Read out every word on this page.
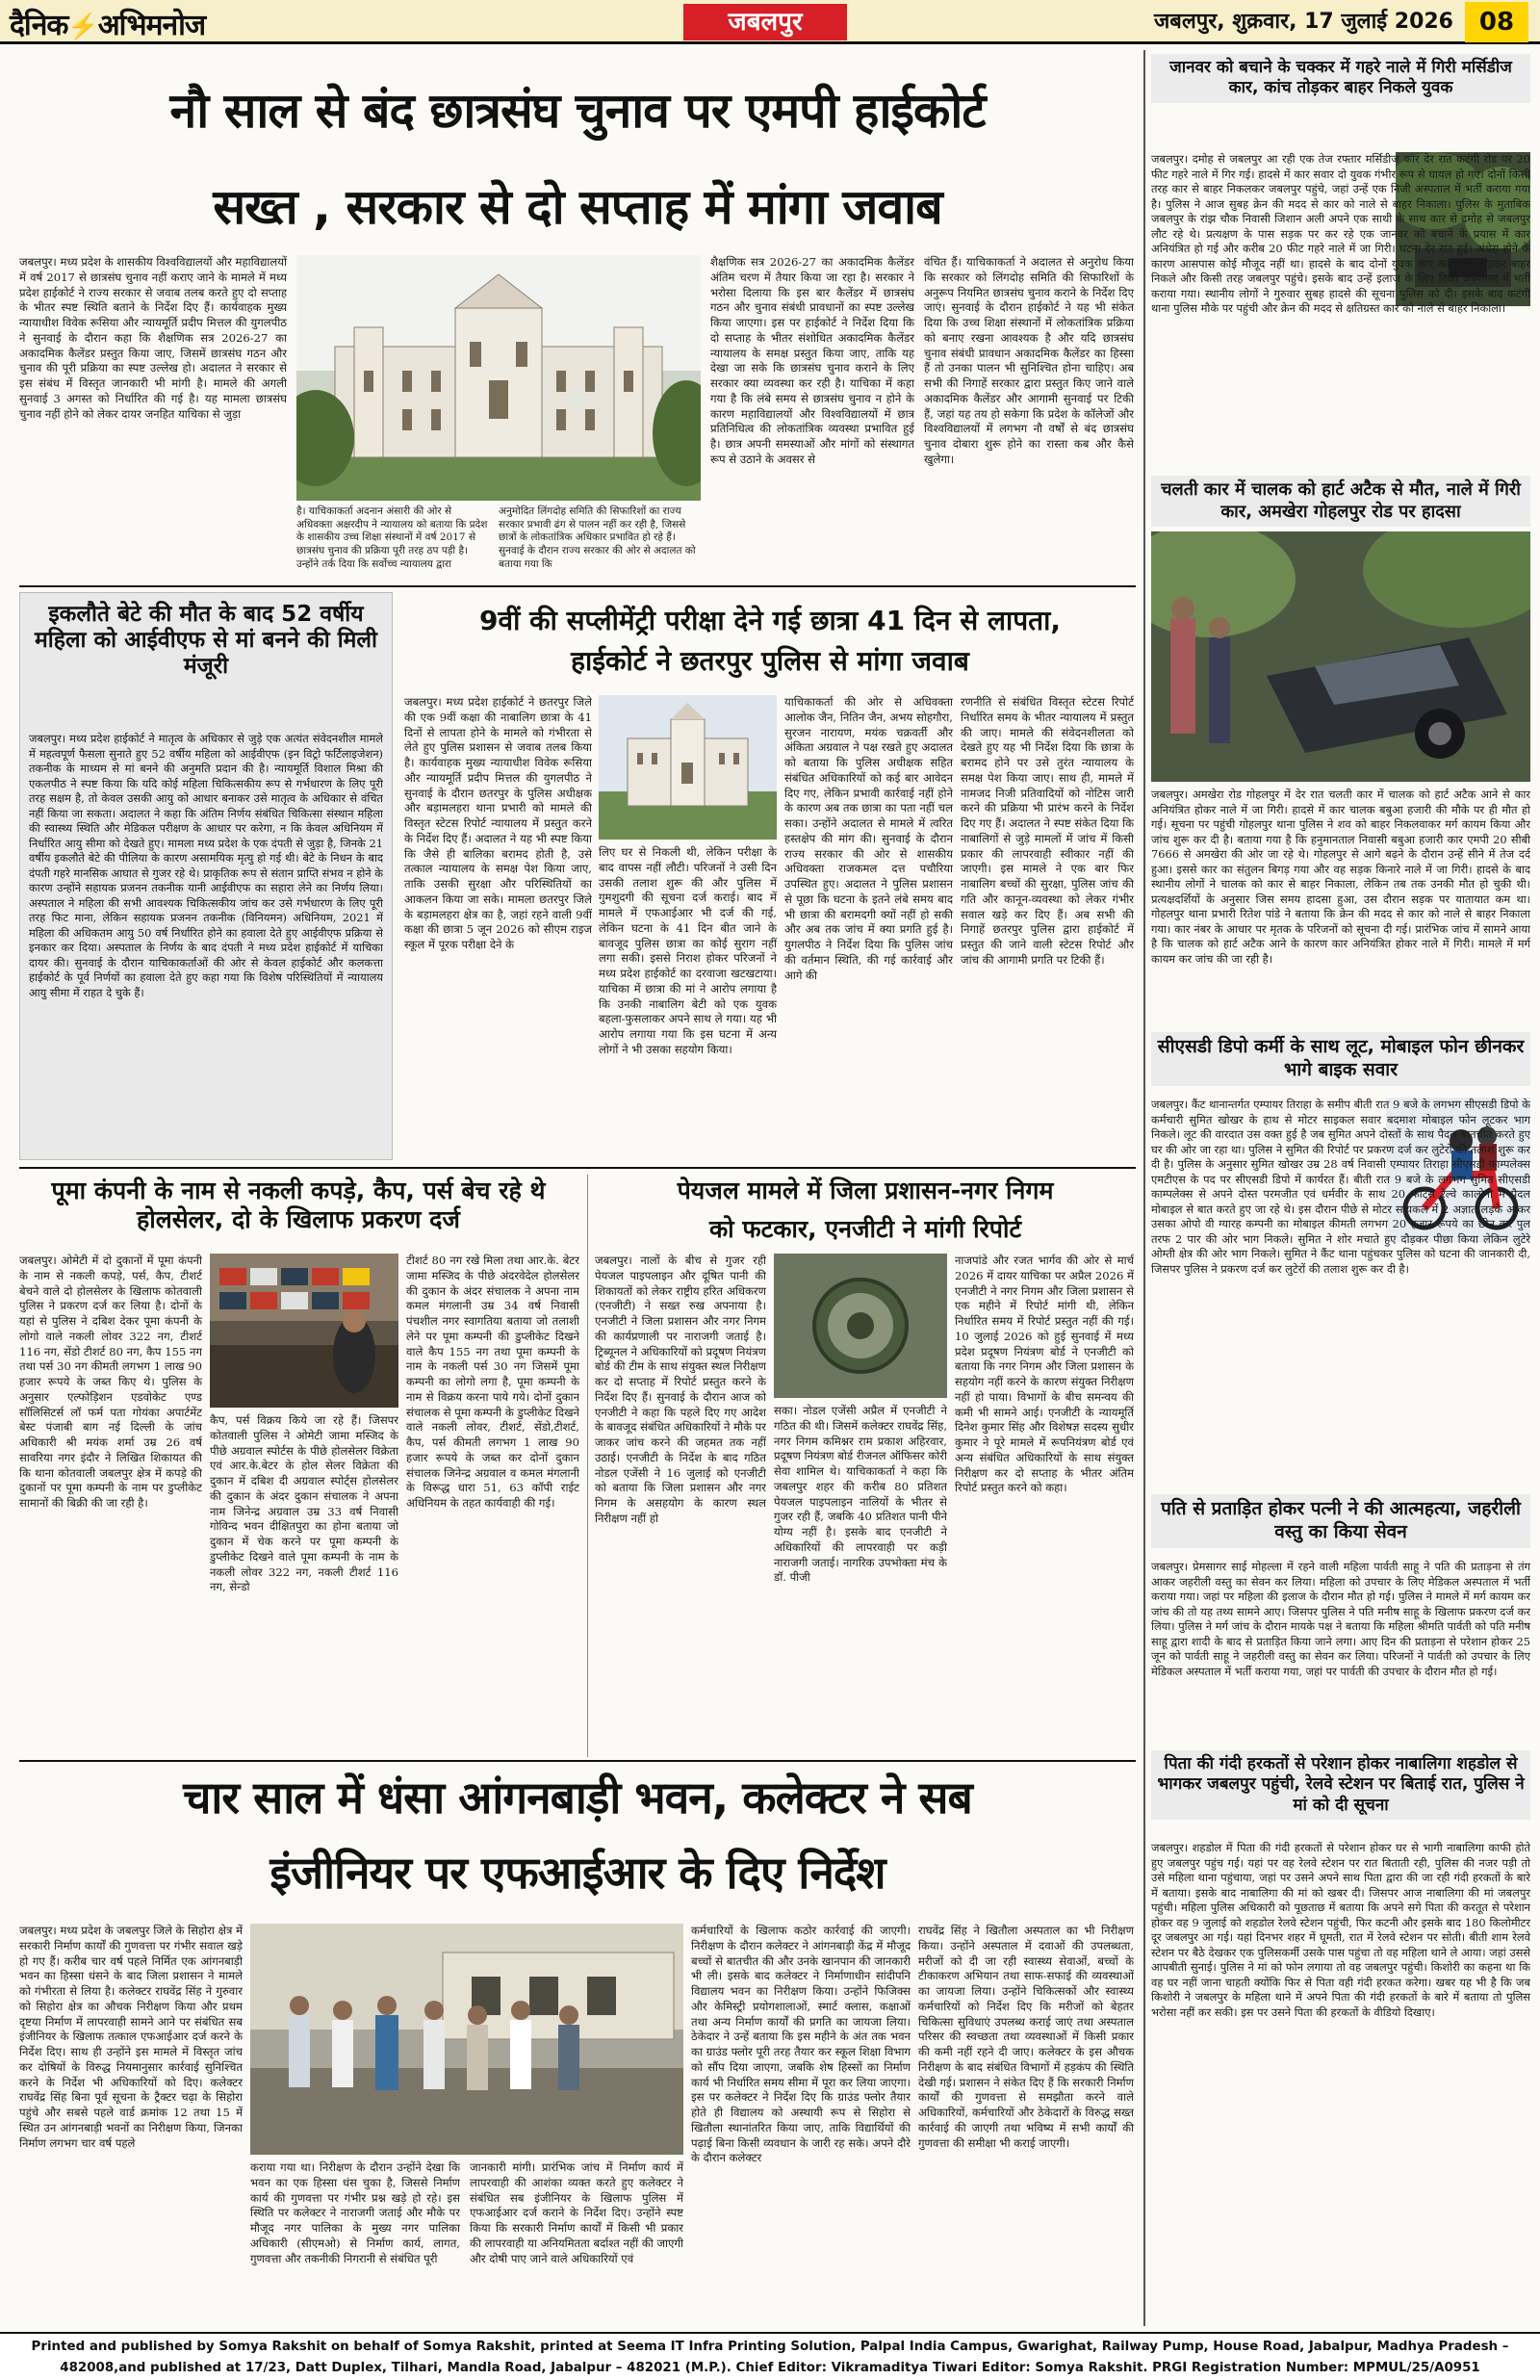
दैनिक⚡अभिमनोज	जबलपुर	जबलपुर, शुक्रवार, 17 जुलाई 2026	08
नौ साल से बंद छात्रसंघ चुनाव पर एमपी हाईकोर्ट
सख्त , सरकार से दो सप्ताह में मांगा जवाब
जबलपुर। मध्य प्रदेश के शासकीय विश्वविद्यालयों और महाविद्यालयों में वर्ष 2017 से छात्रसंघ चुनाव नहीं कराए जाने के मामले में मध्य प्रदेश हाईकोर्ट ने राज्य सरकार से जवाब तलब करते हुए दो सप्ताह के भीतर स्पष्ट स्थिति बताने के निर्देश दिए हैं। कार्यवाहक मुख्य न्यायाधीश विवेक रूसिया और न्यायमूर्ति प्रदीप मित्तल की युगलपीठ ने सुनवाई के दौरान कहा कि शैक्षणिक सत्र 2026-27 का अकादमिक कैलेंडर प्रस्तुत किया जाए, जिसमें छात्रसंघ गठन और चुनाव की पूरी प्रक्रिया का स्पष्ट उल्लेख हो। अदालत ने सरकार से इस संबंध में विस्तृत जानकारी भी मांगी है। मामले की अगली सुनवाई 3 अगस्त को निर्धारित की गई है। यह मामला छात्रसंघ चुनाव नहीं होने को लेकर दायर जनहित याचिका से जुड़ा
है। याचिकाकर्ता अदनान अंसारी की ओर से अधिवक्ता अक्षरदीप ने न्यायालय को बताया कि प्रदेश के शासकीय उच्च शिक्षा संस्थानों में वर्ष 2017 से छात्रसंघ चुनाव की प्रक्रिया पूरी तरह ठप पड़ी है। उन्होंने तर्क दिया कि सर्वोच्च न्यायालय द्वारा
अनुमोदित लिंगदोह समिति की सिफारिशों का राज्य सरकार प्रभावी ढंग से पालन नहीं कर रही है, जिससे छात्रों के लोकतांत्रिक अधिकार प्रभावित हो रहे हैं। सुनवाई के दौरान राज्य सरकार की ओर से अदालत को बताया गया कि
शैक्षणिक सत्र 2026-27 का अकादमिक कैलेंडर अंतिम चरण में तैयार किया जा रहा है। सरकार ने भरोसा दिलाया कि इस बार कैलेंडर में छात्रसंघ गठन और चुनाव संबंधी प्रावधानों का स्पष्ट उल्लेख किया जाएगा। इस पर हाईकोर्ट ने निर्देश दिया कि दो सप्ताह के भीतर संशोधित अकादमिक कैलेंडर न्यायालय के समक्ष प्रस्तुत किया जाए, ताकि यह देखा जा सके कि छात्रसंघ चुनाव कराने के लिए सरकार क्या व्यवस्था कर रही है। याचिका में कहा गया है कि लंबे समय से छात्रसंघ चुनाव न होने के कारण महाविद्यालयों और विश्वविद्यालयों में छात्र प्रतिनिधित्व की लोकतांत्रिक व्यवस्था प्रभावित हुई है। छात्र अपनी समस्याओं और मांगों को संस्थागत रूप से उठाने के अवसर से
वंचित हैं। याचिकाकर्ता ने अदालत से अनुरोध किया कि सरकार को लिंगदोह समिति की सिफारिशों के अनुरूप नियमित छात्रसंघ चुनाव कराने के निर्देश दिए जाएं। सुनवाई के दौरान हाईकोर्ट ने यह भी संकेत दिया कि उच्च शिक्षा संस्थानों में लोकतांत्रिक प्रक्रिया को बनाए रखना आवश्यक है और यदि छात्रसंघ चुनाव संबंधी प्रावधान अकादमिक कैलेंडर का हिस्सा हैं तो उनका पालन भी सुनिश्चित होना चाहिए। अब सभी की निगाहें सरकार द्वारा प्रस्तुत किए जाने वाले अकादमिक कैलेंडर और आगामी सुनवाई पर टिकी हैं, जहां यह तय हो सकेगा कि प्रदेश के कॉलेजों और विश्वविद्यालयों में लगभग नौ वर्षों से बंद छात्रसंघ चुनाव दोबारा शुरू होने का रास्ता कब और कैसे खुलेगा।
इकलौते बेटे की मौत के बाद 52 वर्षीय महिला को आईवीएफ से मां बनने की मिली मंजूरी
जबलपुर। मध्य प्रदेश हाईकोर्ट ने मातृत्व के अधिकार से जुड़े एक अत्यंत संवेदनशील मामले में महत्वपूर्ण फैसला सुनाते हुए 52 वर्षीय महिला को आईवीएफ (इन विट्रो फर्टिलाइजेशन) तकनीक के माध्यम से मां बनने की अनुमति प्रदान की है। न्यायमूर्ति विशाल मिश्रा की एकलपीठ ने स्पष्ट किया कि यदि कोई महिला चिकित्सकीय रूप से गर्भधारण के लिए पूरी तरह सक्षम है, तो केवल उसकी आयु को आधार बनाकर उसे मातृत्व के अधिकार से वंचित नहीं किया जा सकता। अदालत ने कहा कि अंतिम निर्णय संबंधित चिकित्सा संस्थान महिला की स्वास्थ्य स्थिति और मेडिकल परीक्षण के आधार पर करेगा, न कि केवल अधिनियम में निर्धारित आयु सीमा को देखते हुए। मामला मध्य प्रदेश के एक दंपती से जुड़ा है, जिनके 21 वर्षीय इकलौते बेटे की पीलिया के कारण असामयिक मृत्यु हो गई थी। बेटे के निधन के बाद दंपती गहरे मानसिक आघात से गुजर रहे थे। प्राकृतिक रूप से संतान प्राप्ति संभव न होने के कारण उन्होंने सहायक प्रजनन तकनीक यानी आईवीएफ का सहारा लेने का निर्णय लिया। अस्पताल ने महिला की सभी आवश्यक चिकित्सकीय जांच कर उसे गर्भधारण के लिए पूरी तरह फिट माना, लेकिन सहायक प्रजनन तकनीक (विनियमन) अधिनियम, 2021 में महिला की अधिकतम आयु 50 वर्ष निर्धारित होने का हवाला देते हुए आईवीएफ प्रक्रिया से इनकार कर दिया। अस्पताल के निर्णय के बाद दंपती ने मध्य प्रदेश हाईकोर्ट में याचिका दायर की। सुनवाई के दौरान याचिकाकर्ताओं की ओर से केवल हाईकोर्ट और कलकत्ता हाईकोर्ट के पूर्व निर्णयों का हवाला देते हुए कहा गया कि विशेष परिस्थितियों में न्यायालय आयु सीमा में राहत दे चुके हैं।
9वीं की सप्लीमेंट्री परीक्षा देने गई छात्रा 41 दिन से लापता,
हाईकोर्ट ने छतरपुर पुलिस से मांगा जवाब
जबलपुर। मध्य प्रदेश हाईकोर्ट ने छतरपुर जिले की एक 9वीं कक्षा की नाबालिग छात्रा के 41 दिनों से लापता होने के मामले को गंभीरता से लेते हुए पुलिस प्रशासन से जवाब तलब किया है। कार्यवाहक मुख्य न्यायाधीश विवेक रूसिया और न्यायमूर्ति प्रदीप मित्तल की युगलपीठ ने सुनवाई के दौरान छतरपुर के पुलिस अधीक्षक और बड़ामलहरा थाना प्रभारी को मामले की विस्तृत स्टेटस रिपोर्ट न्यायालय में प्रस्तुत करने के निर्देश दिए हैं। अदालत ने यह भी स्पष्ट किया कि जैसे ही बालिका बरामद होती है, उसे तत्काल न्यायालय के समक्ष पेश किया जाए, ताकि उसकी सुरक्षा और परिस्थितियों का आकलन किया जा सके। मामला छतरपुर जिले के बड़ामलहरा क्षेत्र का है, जहां रहने वाली 9वीं कक्षा की छात्रा 5 जून 2026 को सीएम राइज स्कूल में पूरक परीक्षा देने के
लिए घर से निकली थी, लेकिन परीक्षा के बाद वापस नहीं लौटी। परिजनों ने उसी दिन उसकी तलाश शुरू की और पुलिस में गुमशुदगी की सूचना दर्ज कराई। बाद में मामले में एफआईआर भी दर्ज की गई, लेकिन घटना के 41 दिन बीत जाने के बावजूद पुलिस छात्रा का कोई सुराग नहीं लगा सकी। इससे निराश होकर परिजनों ने मध्य प्रदेश हाईकोर्ट का दरवाजा खटखटाया। याचिका में छात्रा की मां ने आरोप लगाया है कि उनकी नाबालिग बेटी को एक युवक बहला-फुसलाकर अपने साथ ले गया। यह भी आरोप लगाया गया कि इस घटना में अन्य लोगों ने भी उसका सहयोग किया।
याचिकाकर्ता की ओर से अधिवक्ता आलोक जैन, नितिन जैन, अभय सोहगौरा, सुरजन नारायण, मयंक चक्रवर्ती और अंकिता अग्रवाल ने पक्ष रखते हुए अदालत को बताया कि पुलिस अधीक्षक सहित संबंधित अधिकारियों को कई बार आवेदन दिए गए, लेकिन प्रभावी कार्रवाई नहीं होने के कारण अब तक छात्रा का पता नहीं चल सका। उन्होंने अदालत से मामले में त्वरित हस्तक्षेप की मांग की। सुनवाई के दौरान राज्य सरकार की ओर से शासकीय अधिवक्ता राजकमल दत्त पचौरिया उपस्थित हुए। अदालत ने पुलिस प्रशासन से पूछा कि घटना के इतने लंबे समय बाद भी छात्रा की बरामदगी क्यों नहीं हो सकी और अब तक जांच में क्या प्रगति हुई है। युगलपीठ ने निर्देश दिया कि पुलिस जांच की वर्तमान स्थिति, की गई कार्रवाई और आगे की
रणनीति से संबंधित विस्तृत स्टेटस रिपोर्ट निर्धारित समय के भीतर न्यायालय में प्रस्तुत की जाए। मामले की संवेदनशीलता को देखते हुए यह भी निर्देश दिया कि छात्रा के बरामद होने पर उसे तुरंत न्यायालय के समक्ष पेश किया जाए। साथ ही, मामले में नामजद निजी प्रतिवादियों को नोटिस जारी करने की प्रक्रिया भी प्रारंभ करने के निर्देश दिए गए हैं। अदालत ने स्पष्ट संकेत दिया कि नाबालिगों से जुड़े मामलों में जांच में किसी प्रकार की लापरवाही स्वीकार नहीं की जाएगी। इस मामले ने एक बार फिर नाबालिग बच्चों की सुरक्षा, पुलिस जांच की गति और कानून-व्यवस्था को लेकर गंभीर सवाल खड़े कर दिए हैं। अब सभी की निगाहें छतरपुर पुलिस द्वारा हाईकोर्ट में प्रस्तुत की जाने वाली स्टेटस रिपोर्ट और जांच की आगामी प्रगति पर टिकी हैं।
पूमा कंपनी के नाम से नकली कपड़े, कैप, पर्स बेच रहे थे होलसेलर, दो के खिलाफ प्रकरण दर्ज
जबलपुर। ओमेटी में दो दुकानों में पूमा कंपनी के नाम से नकली कपड़े, पर्स, कैप, टीशर्ट बेचने वाले दो होलसेलर के खिलाफ कोतवाली पुलिस ने प्रकरण दर्ज कर लिया है। दोनों के यहां से पुलिस ने दबिश देकर पूमा कंपनी के लोगो वाले नकली लोवर 322 नग, टीशर्ट 116 नग, सेंडो टीशर्ट 80 नग, कैप 155 नग तथा पर्स 30 नग कीमती लगभग 1 लाख 90 हजार रूपये के जब्त किए थे। पुलिस के अनुसार एल्फोड़िशन एडवोकेट एण्ड सॉलिसिटर्स लॉ फर्म पता गोयंका अपार्टमेंट बेस्ट पंजाबी बाग नई दिल्ली के जांच अधिकारी श्री मयंक शर्मा उम्र 26 वर्ष सावरिया नगर इंदौर ने लिखित शिकायत की कि थाना कोतवाली जबलपुर क्षेत्र में कपड़े की दुकानों पर पूमा कम्पनी के नाम पर डुप्लीकेट सामानों की बिक्री की जा रही है।
कैप, पर्स विक्रय किये जा रहे हैं। जिसपर कोतवाली पुलिस ने ओमेटी जामा मस्जिद के पीछे अग्रवाल स्पोर्टस के पीछे होलसेलर विक्रेता एवं आर.के.बेटर के होल सेलर विक्रेता की दुकान में दबिश दी अग्रवाल स्पोर्ट्स होलसेलर की दुकान के अंदर दुकान संचालक ने अपना नाम जिनेन्द्र अग्रवाल उम्र 33 वर्ष निवासी गोविन्द भवन दीक्षितपुरा का होना बताया जो दुकान में चेक करने पर पूमा कम्पनी के डुप्लीकेट दिखने वाले पूमा कम्पनी के नाम के नकली लोवर 322 नग, नकली टीशर्ट 116 नग, सेन्डो
टीशर्ट 80 नग रखे मिला तथा आर.के. बेटर जामा मस्जिद के पीछे अंदरवेदेल होलसेलर की दुकान के अंदर संचालक ने अपना नाम कमल मंगलानी उम्र 34 वर्ष निवासी पंचशील नगर स्वागतिया बताया जो तलाशी लेने पर पूमा कम्पनी की डुप्लीकेट दिखने वाले कैप 155 नग तथा पूमा कम्पनी के नाम के नकली पर्स 30 नग जिसमें पूमा कम्पनी का लोगो लगा है, पूमा कम्पनी के नाम से विक्रय करना पाये गये। दोनों दुकान संचालक से पूमा कम्पनी के डुप्लीकेट दिखने वाले नकली लोवर, टीशर्ट, सेंडो,टीशर्ट, कैप, पर्स कीमती लगभग 1 लाख 90 हजार रूपये के जब्त कर दोनों दुकान संचालक जिनेन्द्र अग्रवाल व कमल मंगलानी के विरूद्ध धारा 51, 63 कॉपी राईट अधिनियम के तहत कार्यवाही की गई।
पेयजल मामले में जिला प्रशासन-नगर निगम
को फटकार, एनजीटी ने मांगी रिपोर्ट
जबलपुर। नालों के बीच से गुजर रही पेयजल पाइपलाइन और दूषित पानी की शिकायतों को लेकर राष्ट्रीय हरित अधिकरण (एनजीटी) ने सख्त रुख अपनाया है। एनजीटी ने जिला प्रशासन और नगर निगम की कार्यप्रणाली पर नाराजगी जताई है। ट्रिब्यूनल ने अधिकारियों को प्रदूषण नियंत्रण बोर्ड की टीम के साथ संयुक्त स्थल निरीक्षण कर दो सप्ताह में रिपोर्ट प्रस्तुत करने के निर्देश दिए हैं। सुनवाई के दौरान आज को एनजीटी ने कहा कि पहले दिए गए आदेश के बावजूद संबंधित अधिकारियों ने मौके पर जाकर जांच करने की जहमत तक नहीं उठाई। एनजीटी के निर्देश के बाद गठित नोडल एजेंसी ने 16 जुलाई को एनजीटी को बताया कि जिला प्रशासन और नगर निगम के असहयोग के कारण स्थल निरीक्षण नहीं हो
सका। नोडल एजेंसी अप्रैल में एनजीटी ने गठित की थी। जिसमें कलेक्टर राघवेंद्र सिंह, नगर निगम कमिश्नर राम प्रकाश अहिरवार, प्रदूषण नियंत्रण बोर्ड रीजनल ऑफिसर कोरी सेवा शामिल थे। याचिकाकर्ता ने कहा कि जबलपुर शहर की करीब 80 प्रतिशत पेयजल पाइपलाइन नालियों के भीतर से गुजर रही हैं, जबकि 40 प्रतिशत पानी पीने योग्य नहीं है। इसके बाद एनजीटी ने अधिकारियों की लापरवाही पर कड़ी नाराजगी जताई। नागरिक उपभोक्ता मंच के डॉ. पीजी
नाजपांडे और रजत भार्गव की ओर से मार्च 2026 में दायर याचिका पर अप्रैल 2026 में एनजीटी ने नगर निगम और जिला प्रशासन से एक महीने में रिपोर्ट मांगी थी, लेकिन निर्धारित समय में रिपोर्ट प्रस्तुत नहीं की गई। 10 जुलाई 2026 को हुई सुनवाई में मध्य प्रदेश प्रदूषण नियंत्रण बोर्ड ने एनजीटी को बताया कि नगर निगम और जिला प्रशासन के सहयोग नहीं करने के कारण संयुक्त निरीक्षण नहीं हो पाया। विभागों के बीच समन्वय की कमी भी सामने आई। एनजीटी के न्यायमूर्ति दिनेश कुमार सिंह और विशेषज्ञ सदस्य सुधीर कुमार ने पूरे मामले में रूपनियंत्रण बोर्ड एवं अन्य संबंधित अधिकारियों के साथ संयुक्त निरीक्षण कर दो सप्ताह के भीतर अंतिम रिपोर्ट प्रस्तुत करने को कहा।
चार साल में धंसा आंगनबाड़ी भवन, कलेक्टर ने सब
इंजीनियर पर एफआईआर के दिए निर्देश
जबलपुर। मध्य प्रदेश के जबलपुर जिले के सिहोरा क्षेत्र में सरकारी निर्माण कार्यों की गुणवत्ता पर गंभीर सवाल खड़े हो गए हैं। करीब चार वर्ष पहले निर्मित एक आंगनबाड़ी भवन का हिस्सा धंसने के बाद जिला प्रशासन ने मामले को गंभीरता से लिया है। कलेक्टर राघवेंद्र सिंह ने गुरुवार को सिहोरा क्षेत्र का औचक निरीक्षण किया और प्रथम दृष्टया निर्माण में लापरवाही सामने आने पर संबंधित सब इंजीनियर के खिलाफ तत्काल एफआईआर दर्ज करने के निर्देश दिए। साथ ही उन्होंने इस मामले में विस्तृत जांच कर दोषियों के विरुद्ध नियमानुसार कार्रवाई सुनिश्चित करने के निर्देश भी अधिकारियों को दिए। कलेक्टर राघवेंद्र सिंह बिना पूर्व सूचना के ट्रैक्टर चढ़ा के सिहोरा पहुंचे और सबसे पहले वार्ड क्रमांक 12 तथा 15 में स्थित उन आंगनबाड़ी भवनों का निरीक्षण किया, जिनका निर्माण लगभग चार वर्ष पहले
कराया गया था। निरीक्षण के दौरान उन्होंने देखा कि भवन का एक हिस्सा धंस चुका है, जिससे निर्माण कार्य की गुणवत्ता पर गंभीर प्रश्न खड़े हो रहे। इस स्थिति पर कलेक्टर ने नाराजगी जताई और मौके पर मौजूद नगर पालिका के मुख्य नगर पालिका अधिकारी (सीएमओ) से निर्माण कार्य, लागत, गुणवत्ता और तकनीकी निगरानी से संबंधित पूरी
जानकारी मांगी। प्रारंभिक जांच में निर्माण कार्य में लापरवाही की आशंका व्यक्त करते हुए कलेक्टर ने संबंधित सब इंजीनियर के खिलाफ पुलिस में एफआईआर दर्ज कराने के निर्देश दिए। उन्होंने स्पष्ट किया कि सरकारी निर्माण कार्यों में किसी भी प्रकार की लापरवाही या अनियमितता बर्दाश्त नहीं की जाएगी और दोषी पाए जाने वाले अधिकारियों एवं
कर्मचारियों के खिलाफ कठोर कार्रवाई की जाएगी। निरीक्षण के दौरान कलेक्टर ने आंगनबाड़ी केंद्र में मौजूद बच्चों से बातचीत की और उनके खानपान की जानकारी भी ली। इसके बाद कलेक्टर ने निर्माणाधीन सांदीपनि विद्यालय भवन का निरीक्षण किया। उन्होंने फिजिक्स और केमिस्ट्री प्रयोगशालाओं, स्मार्ट क्लास, कक्षाओं तथा अन्य निर्माण कार्यों की प्रगति का जायजा लिया। ठेकेदार ने उन्हें बताया कि इस महीने के अंत तक भवन का ग्राउंड फ्लोर पूरी तरह तैयार कर स्कूल शिक्षा विभाग को सौंप दिया जाएगा, जबकि शेष हिस्सों का निर्माण कार्य भी निर्धारित समय सीमा में पूरा कर लिया जाएगा। इस पर कलेक्टर ने निर्देश दिए कि ग्राउंड फ्लोर तैयार होते ही विद्यालय को अस्थायी रूप से सिहोरा से खितौला स्थानांतरित किया जाए, ताकि विद्यार्थियों की पढ़ाई बिना किसी व्यवधान के जारी रह सके। अपने दौरे के दौरान कलेक्टर
राघवेंद्र सिंह ने खितौला अस्पताल का भी निरीक्षण किया। उन्होंने अस्पताल में दवाओं की उपलब्धता, मरीजों को दी जा रही स्वास्थ्य सेवाओं, बच्चों के टीकाकरण अभियान तथा साफ-सफाई की व्यवस्थाओं का जायजा लिया। उन्होंने चिकित्सकों और स्वास्थ्य कर्मचारियों को निर्देश दिए कि मरीजों को बेहतर चिकित्सा सुविधाएं उपलब्ध कराई जाएं तथा अस्पताल परिसर की स्वच्छता तथा व्यवस्थाओं में किसी प्रकार की कमी नहीं रहने दी जाए। कलेक्टर के इस औचक निरीक्षण के बाद संबंधित विभागों में हड़कंप की स्थिति देखी गई। प्रशासन ने संकेत दिए हैं कि सरकारी निर्माण कार्यों की गुणवत्ता से समझौता करने वाले अधिकारियों, कर्मचारियों और ठेकेदारों के विरुद्ध सख्त कार्रवाई की जाएगी तथा भविष्य में सभी कार्यों की गुणवत्ता की समीक्षा भी कराई जाएगी।
जानवर को बचाने के चक्कर में गहरे नाले में गिरी मर्सिडीज कार, कांच तोड़कर बाहर निकले युवक
जबलपुर। दमोह से जबलपुर आ रही एक तेज रफ्तार मर्सिडीज कार देर रात कटंगी रोड पर 20 फीट गहरे नाले में गिर गई। हादसे में कार सवार दो युवक गंभीर रूप से घायल हो गए। दोनों किसी तरह कार से बाहर निकलकर जबलपुर पहुंचे, जहां उन्हें एक निजी अस्पताल में भर्ती कराया गया है। पुलिस ने आज सुबह क्रेन की मदद से कार को नाले से बाहर निकाला। पुलिस के मुताबिक जबलपुर के रांझ चौक निवासी जिशान अली अपने एक साथी के साथ कार से दमोह से जबलपुर लौट रहे थे। प्रत्यक्षण के पास सड़क पर कर रहे एक जानवर को बचाने के प्रयास में कार अनियंत्रित हो गई और करीब 20 फीट गहरे नाले में जा गिरी। घटना देर रात हुई। अंधेरा होने के कारण आसपास कोई मौजूद नहीं था। हादसे के बाद दोनों युवक कार का कांच तोड़कर बाहर निकले और किसी तरह जबलपुर पहुंचे। इसके बाद उन्हें इलाज के लिए निजी अस्पताल में भर्ती कराया गया। स्थानीय लोगों ने गुरुवार सुबह हादसे की सूचना पुलिस को दी। इसके बाद कटंगी थाना पुलिस मौके पर पहुंची और क्रेन की मदद से क्षतिग्रस्त कार को नाले से बाहर निकाला।
चलती कार में चालक को हार्ट अटैक से मौत, नाले में गिरी कार, अमखेरा गोहलपुर रोड पर हादसा
जबलपुर। अमखेरा रोड गोहलपुर में देर रात चलती कार में चालक को हार्ट अटैक आने से कार अनियंत्रित होकर नाले में जा गिरी। हादसे में कार चालक बबुआ हजारी की मौके पर ही मौत हो गई। सूचना पर पहुंची गोहलपुर थाना पुलिस ने शव को बाहर निकलवाकर मर्ग कायम किया और जांच शुरू कर दी है। बताया गया है कि हनुमानताल निवासी बबुआ हजारी कार एमपी 20 सीबी 7666 से अमखेरा की ओर जा रहे थे। गोहलपुर से आगे बढ़ने के दौरान उन्हें सीने में तेज दर्द हुआ। इससे कार का संतुलन बिगड़ गया और वह सड़क किनारे नाले में जा गिरी। हादसे के बाद स्थानीय लोगों ने चालक को कार से बाहर निकाला, लेकिन तब तक उनकी मौत हो चुकी थी। प्रत्यक्षदर्शियों के अनुसार जिस समय हादसा हुआ, उस दौरान सड़क पर यातायात कम था। गोहलपुर थाना प्रभारी रितेश पांडे ने बताया कि क्रेन की मदद से कार को नाले से बाहर निकाला गया। कार नंबर के आधार पर मृतक के परिजनों को सूचना दी गई। प्रारंभिक जांच में सामने आया है कि चालक को हार्ट अटैक आने के कारण कार अनियंत्रित होकर नाले में गिरी। मामले में मर्ग कायम कर जांच की जा रही है।
सीएसडी डिपो कर्मी के साथ लूट, मोबाइल फोन छीनकर भागे बाइक सवार
जबलपुर। कैंट थानान्तर्गत एम्पायर तिराहा के समीप बीती रात 9 बजे के लगभग सीएसडी डिपो के कर्मचारी सुमित खोखर के हाथ से मोटर साइकल सवार बदमाश मोबाइल फोन लूटकर भाग निकले। लूट की वारदात उस वक्त हुई है जब सुमित अपने दोस्तों के साथ पैदल बातचीत करते हुए घर की ओर जा रहा था। पुलिस ने सुमित की रिपोर्ट पर प्रकरण दर्ज कर लुटेरों की तलाश शुरू कर दी है। पुलिस के अनुसार सुमित खोखर उम्र 28 वर्ष निवासी एम्पायर तिराहा सीएसडी काम्पलेक्स एमटीएस के पद पर सीएसडी डिपो में कार्यरत हैं। बीती रात 9 बजे के लगभग सुमित सीएसडी काम्पलेक्स से अपने दोस्त परमजीत एवं धर्मवीर के साथ 20 फीट्स रेल्वे कालोनी में पैदल मोबाइल से बात करते हुए जा रहे थे। इस दौरान पीछे से मोटर सायकल में 2 अज्ञात लड़के आकर उसका ओपो वी ग्यारह कम्पनी का मोबाइल कीमती लगभग 20 हजार रूपये का छीन कर पुल तरफ 2 पार की ओर भाग निकले। सुमित ने शोर मचाते हुए दौड़कर पीछा किया लेकिन लुटेरे ओम्ती क्षेत्र की ओर भाग निकले। सुमित ने कैंट थाना पहुंचकर पुलिस को घटना की जानकारी दी, जिसपर पुलिस ने प्रकरण दर्ज कर लुटेरों की तलाश शुरू कर दी है।
पति से प्रताड़ित होकर पत्नी ने की आत्महत्या, जहरीली वस्तु का किया सेवन
जबलपुर। प्रेमसागर साई मोहल्ला में रहने वाली महिला पार्वती साहू ने पति की प्रताड़ना से तंग आकर जहरीली वस्तु का सेवन कर लिया। महिला को उपचार के लिए मेडिकल अस्पताल में भर्ती कराया गया। जहां पर महिला की इलाज के दौरान मौत हो गई। पुलिस ने मामले में मर्ग कायम कर जांच की तो यह तथ्य सामने आए। जिसपर पुलिस ने पति मनीष साहू के खिलाफ प्रकरण दर्ज कर लिया। पुलिस ने मर्ग जांच के दौरान मायके पक्ष ने बताया कि महिला श्रीमति पार्वती को पति मनीष साहू द्वारा शादी के बाद से प्रताड़ित किया जाने लगा। आए दिन की प्रताड़ना से परेशान होकर 25 जून को पार्वती साहू ने जहरीली वस्तु का सेवन कर लिया। परिजनों ने पार्वती को उपचार के लिए मेडिकल अस्पताल में भर्ती कराया गया, जहां पर पार्वती की उपचार के दौरान मौत हो गई।
पिता की गंदी हरकतों से परेशान होकर नाबालिगा शहडोल से भागकर जबलपुर पहुंची, रेलवे स्टेशन पर बिताई रात, पुलिस ने मां को दी सूचना
जबलपुर। शहडोल में पिता की गंदी हरकतों से परेशान होकर घर से भागी नाबालिगा काफी होते हुए जबलपुर पहुंच गई। यहां पर वह रेलवे स्टेशन पर रात बिताती रही, पुलिस की नजर पड़ी तो उसे महिला थाना पहुंचाया, जहां पर उसने अपने साथ पिता द्वारा की जा रही गंदी हरकतों के बारे में बताया। इसके बाद नाबालिगा की मां को खबर दी। जिसपर आज नाबालिगा की मां जबलपुर पहुंची। महिला पुलिस अधिकारी को पूछताछ में बताया कि अपने सगे पिता की करतूत से परेशान होकर वह 9 जुलाई को शहडोल रेलवे स्टेशन पहुंची, फिर कटनी और इसके बाद 180 किलोमीटर दूर जबलपुर आ गई। यहां दिनभर शहर में घूमती, रात में रेलवे स्टेशन पर सोती। बीती शाम रेलवे स्टेशन पर बैठे देखकर एक पुलिसकर्मी उसके पास पहुंचा तो वह महिला थाने ले आया। जहां उससे आपबीती सुनाई। पुलिस ने मां को फोन लगाया तो वह जबलपुर पहुंची। किशोरी का कहना था कि वह घर नहीं जाना चाहती क्योंकि फिर से पिता वही गंदी हरकत करेगा। खबर यह भी है कि जब किशोरी ने जबलपुर के महिला थाने में अपने पिता की गंदी हरकतों के बारे में बताया तो पुलिस भरोसा नहीं कर सकी। इस पर उसने पिता की हरकतों के वीडियो दिखाए।
Printed and published by Somya Rakshit on behalf of Somya Rakshit, printed at Seema IT Infra Printing Solution, Palpal India Campus, Gwarighat, Railway Pump, House Road, Jabalpur, Madhya Pradesh –
482008,and published at 17/23, Datt Duplex, Tilhari, Mandla Road, Jabalpur – 482021 (M.P.). Chief Editor: Vikramaditya Tiwari Editor: Somya Rakshit. PRGI Registration Number: MPMUL/25/A0951
